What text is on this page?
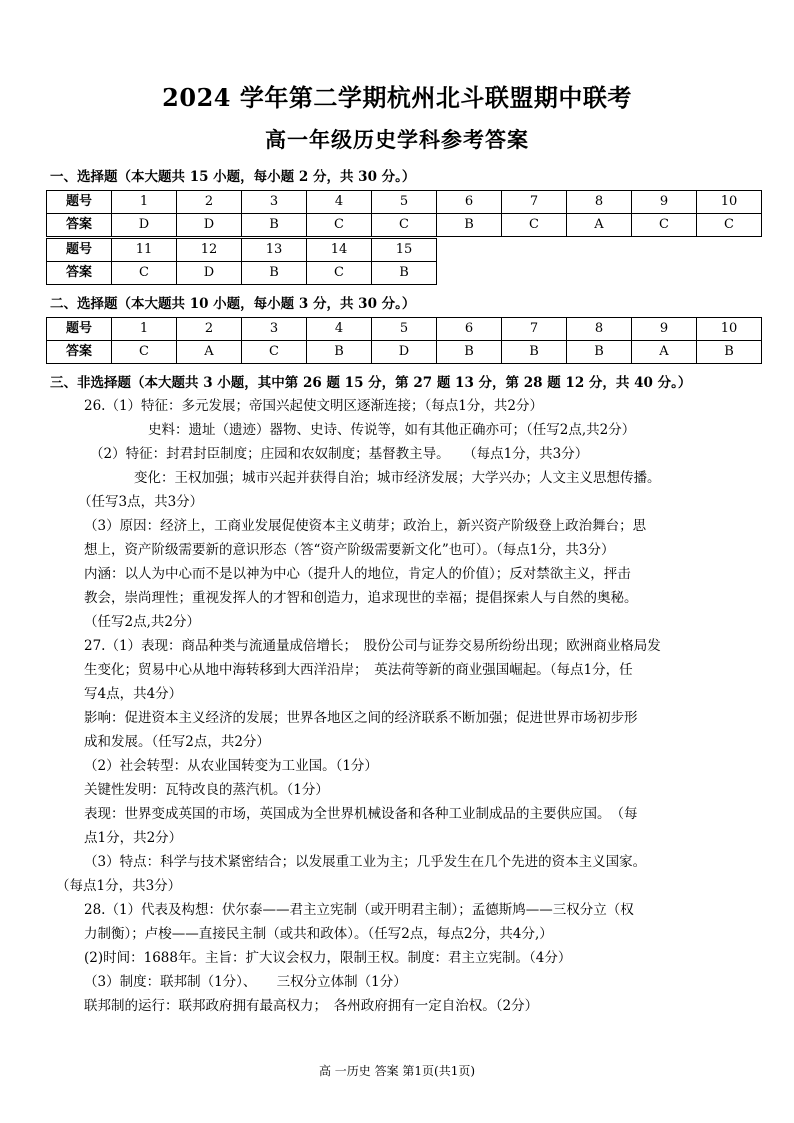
2024 学年第二学期杭州北斗联盟期中联考
高一年级历史学科参考答案
一、选择题（本大题共 15 小题，每小题 2 分，共 30 分。）
题号	1	2	3	4	5	6	7	8	9	10
答案	D	D	B	C	C	B	C	A	C	C
题号	11	12	13	14	15
答案	C	D	B	C	B
二、选择题（本大题共 10 小题，每小题 3 分，共 30 分。）
题号	1	2	3	4	5	6	7	8	9	10
答案	C	A	C	B	D	B	B	B	A	B
三、非选择题（本大题共 3 小题，其中第 26 题 15 分，第 27 题 13 分，第 28 题 12 分，共 40 分。）
26.（1）特征：多元发展；帝国兴起使文明区逐渐连接；（每点1分，共2分）
史料：遗址（遗迹）器物、史诗、传说等，如有其他正确亦可；（任写2点,共2分）
（2）特征：封君封臣制度；庄园和农奴制度；基督教主导。　　（每点1分，共3分）
变化：王权加强；城市兴起并获得自治；城市经济发展；大学兴办；人文主义思想传播。
（任写3点，共3分）
（3）原因：经济上，工商业发展促使资本主义萌芽；政治上，新兴资产阶级登上政治舞台；思
想上，资产阶级需要新的意识形态（答“资产阶级需要新文化”也可）。（每点1分，共3分）
内涵：以人为中心而不是以神为中心（提升人的地位，肯定人的价值）；反对禁欲主义，抨击
教会，崇尚理性；重视发挥人的才智和创造力，追求现世的幸福；提倡探索人与自然的奥秘。
（任写2点,共2分）
27.（1）表现：商品种类与流通量成倍增长；　股份公司与证券交易所纷纷出现；欧洲商业格局发
生变化；贸易中心从地中海转移到大西洋沿岸；　英法荷等新的商业强国崛起。（每点1分，任
写4点，共4分）
影响：促进资本主义经济的发展；世界各地区之间的经济联系不断加强；促进世界市场初步形
成和发展。（任写2点，共2分）
（2）社会转型：从农业国转变为工业国。（1分）
关键性发明：瓦特改良的蒸汽机。（1分）
表现：世界变成英国的市场，英国成为全世界机械设备和各种工业制成品的主要供应国。　（每
点1分，共2分）
（3）特点：科学与技术紧密结合；以发展重工业为主；几乎发生在几个先进的资本主义国家。
（每点1分，共3分）
28.（1）代表及构想：伏尔泰——君主立宪制（或开明君主制）；孟德斯鸠——三权分立（权
力制衡）；卢梭——直接民主制（或共和政体）。（任写2点，每点2分，共4分,）
(2)时间：1688年。主旨：扩大议会权力，限制王权。制度：君主立宪制。（4分）
（3）制度：联邦制（1分）、　　三权分立体制（1分）
联邦制的运行：联邦政府拥有最高权力；　各州政府拥有一定自治权。（2分）
高 一历史 答案 第1页(共1页)
